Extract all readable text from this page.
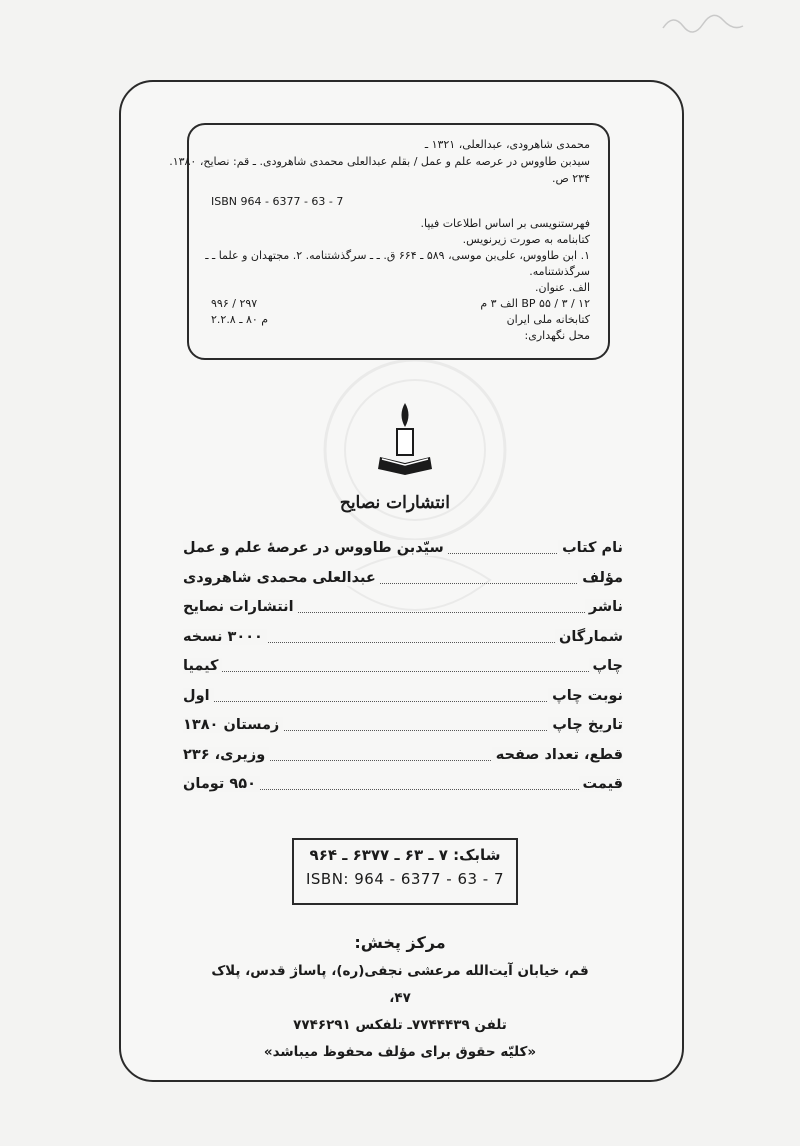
محمدی شاهرودی، عبدالعلی، ۱۳۲۱ ـ
سیدبن طاووس در عرصه علم و عمل / بقلم عبدالعلی محمدی شاهرودی. ـ قم: نصایح، ۱۳۸۰.
۲۳۴ ص.
ISBN 964 - 6377 - 63 - 7
فهرستنویسی بر اساس اطلاعات فیپا.
کتابنامه به صورت زیرنویس.
۱. ابن طاووس، علی‌بن موسی، ۵۸۹ ـ ۶۶۴ ق. ـ ـ سرگذشتنامه. ۲. مجتهدان و علما ـ ـ
سرگذشتنامه.
الف. عنوان.
BP ۵۵ / ۳ / ۱۲ الف ۳ م
۲۹۷ / ۹۹۶
کتابخانه ملی ایران
م ۸۰ ـ ۲.۲.۸
محل نگهداری:
انتشارات نصایح
نام کتاب
سیّدبن طاووس در عرصهٔ علم و عمل
مؤلف
عبدالعلی محمدی شاهرودی
ناشر
انتشارات نصایح
شمارگان
۳۰۰۰ نسخه
چاپ
کیمیا
نوبت چاپ
اول
تاریخ چاپ
زمستان ۱۳۸۰
قطع، تعداد صفحه
وزیری، ۲۳۶
قیمت
۹۵۰ تومان
شابک: ۷ ـ ۶۳ ـ ۶۳۷۷ ـ ۹۶۴
ISBN: 964 - 6377 - 63 - 7
مرکز پخش:
قم، خیابان آیت‌الله مرعشی نجفی(ره)، پاساژ قدس، پلاک ۴۷،
تلفن ۷۷۴۴۴۳۹ـ تلفکس ۷۷۴۶۲۹۱
«کلیّه حقوق برای مؤلف محفوظ میباشد»
